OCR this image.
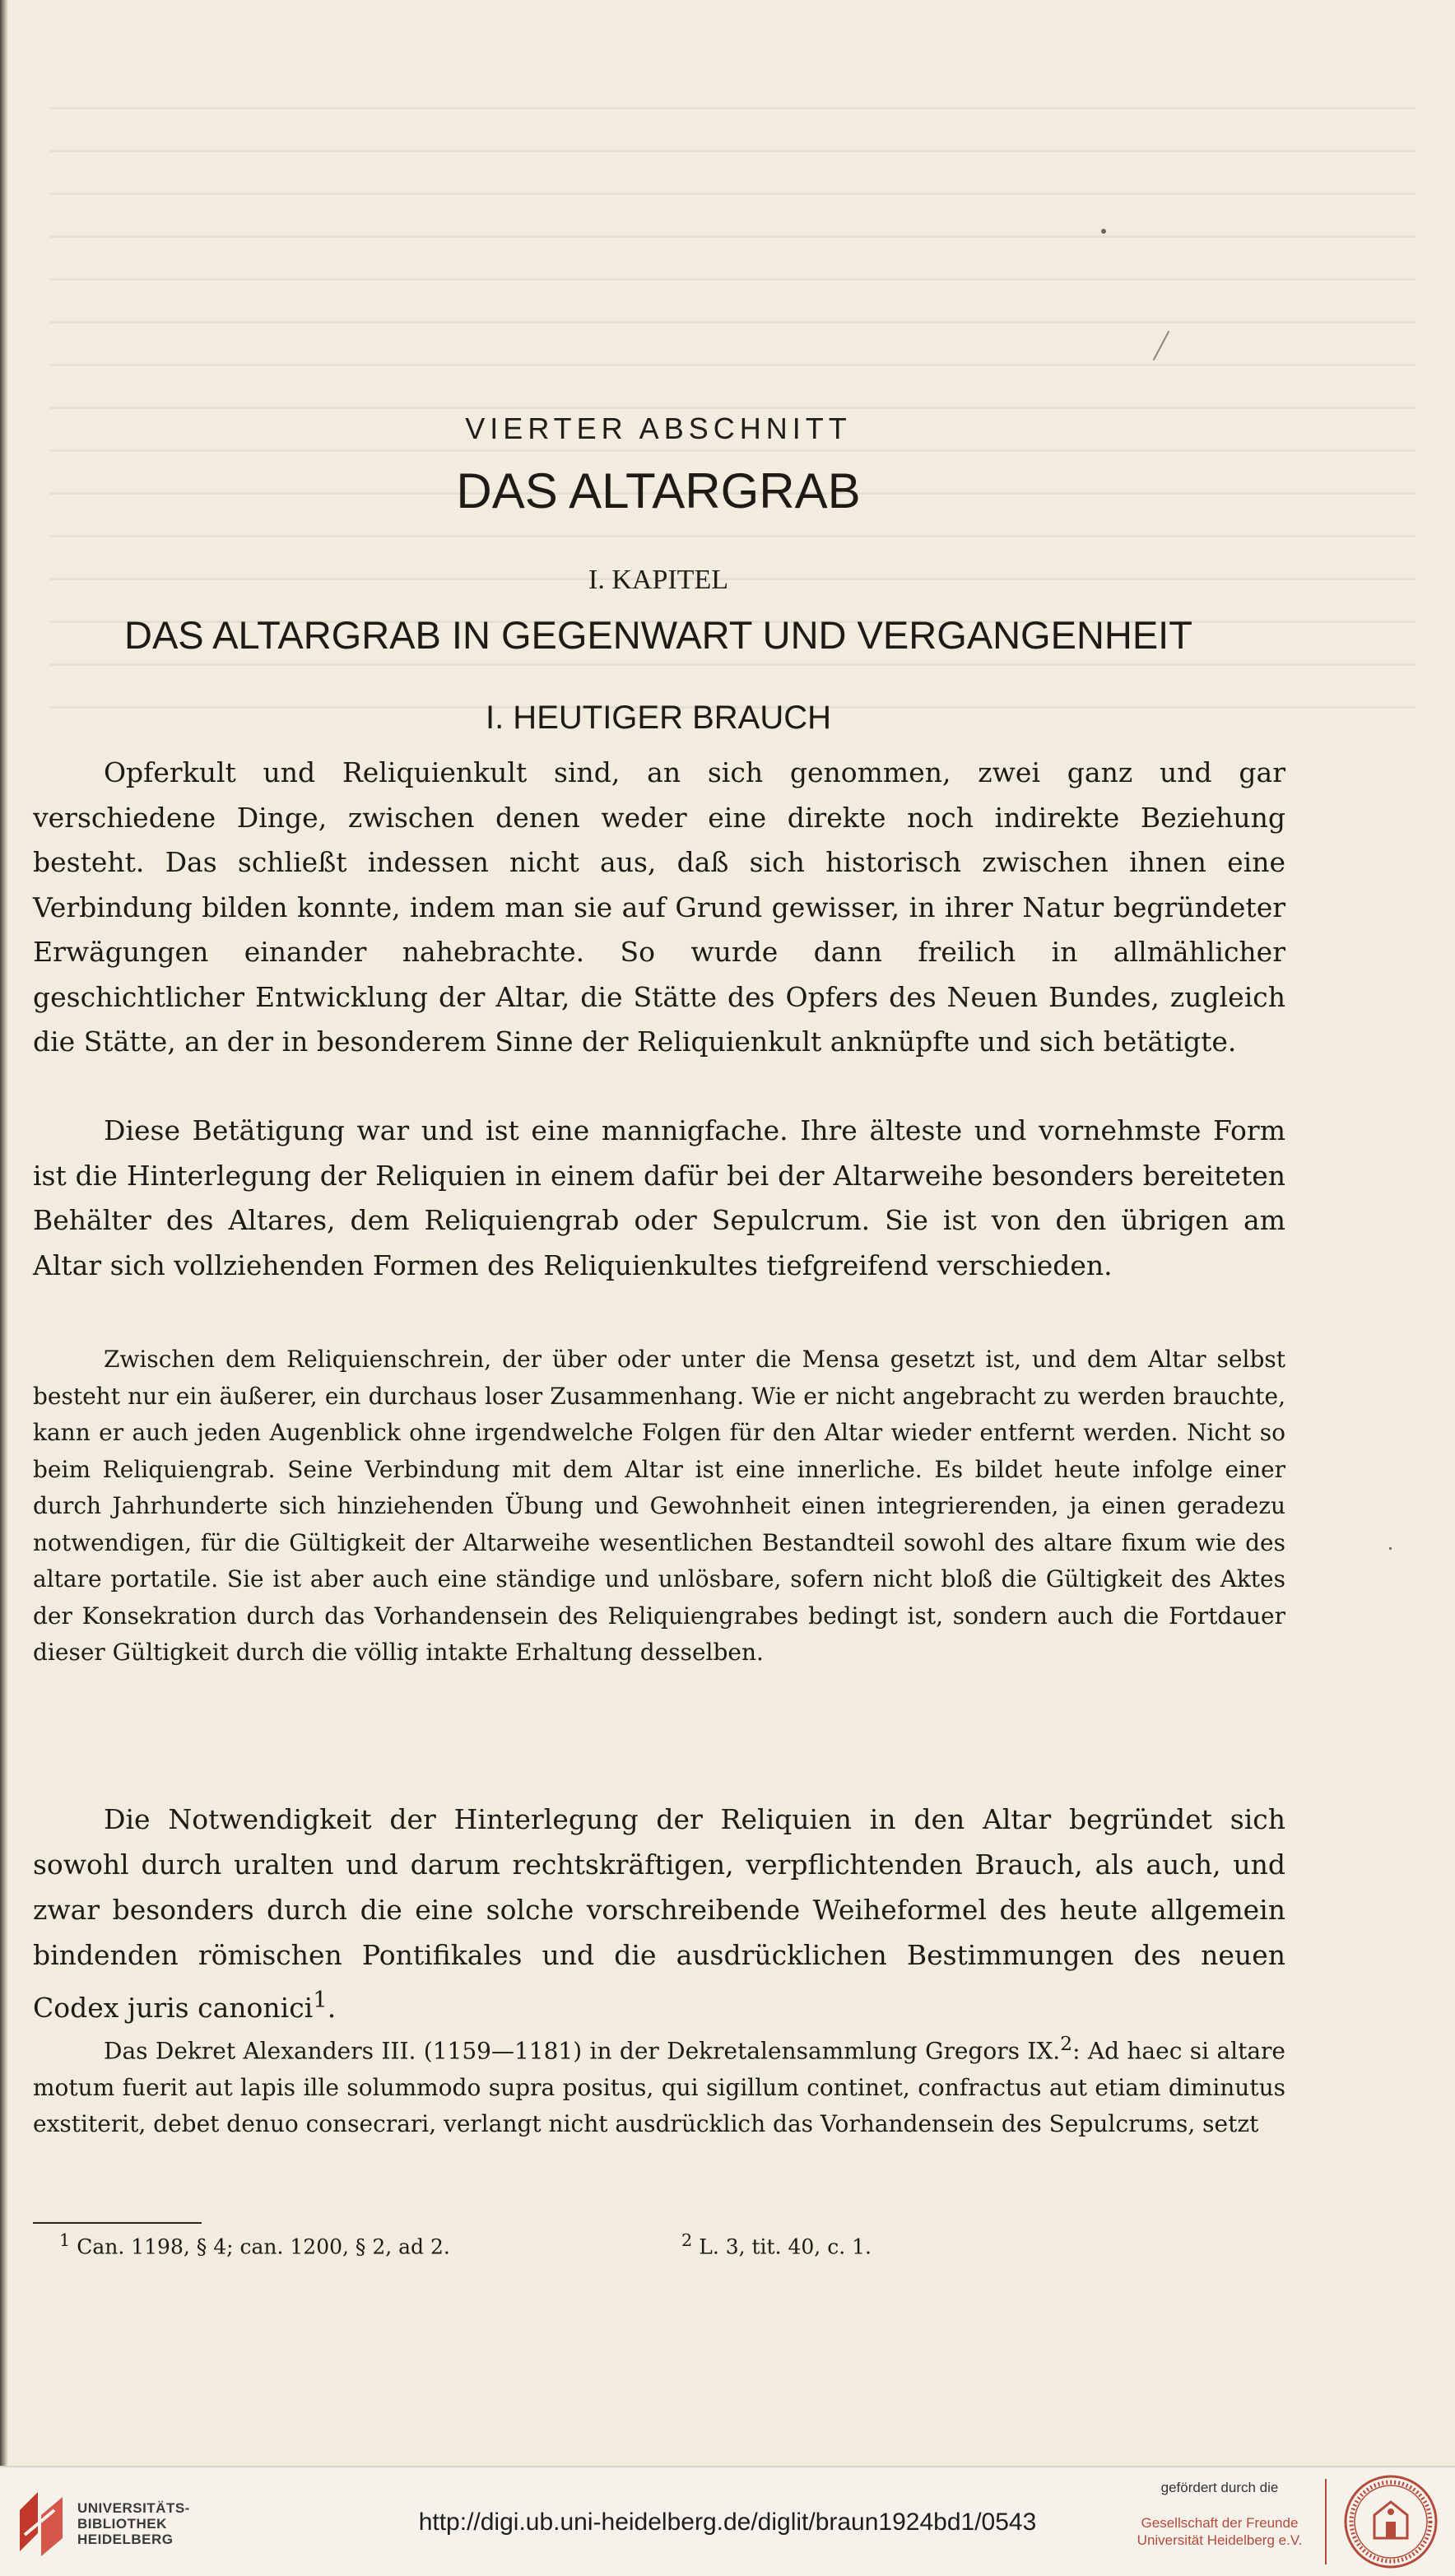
VIERTER ABSCHNITT
DAS ALTARGRAB
I. KAPITEL
DAS ALTARGRAB IN GEGENWART UND VERGANGENHEIT
I. HEUTIGER BRAUCH

Opferkult und Reliquienkult sind, an sich genommen, zwei ganz und gar verschiedene Dinge, zwischen denen weder eine direkte noch indirekte Beziehung besteht. Das schließt indessen nicht aus, daß sich historisch zwischen ihnen eine Verbindung bilden konnte, indem man sie auf Grund gewisser, in ihrer Natur begründeter Erwägungen einander nahebrachte. So wurde dann freilich in allmählicher geschichtlicher Entwicklung der Altar, die Stätte des Opfers des Neuen Bundes, zugleich die Stätte, an der in besonderem Sinne der Reliquienkult anknüpfte und sich betätigte.

Diese Betätigung war und ist eine mannigfache. Ihre älteste und vornehmste Form ist die Hinterlegung der Reliquien in einem dafür bei der Altarweihe besonders bereiteten Behälter des Altares, dem Reliquiengrab oder Sepulcrum. Sie ist von den übrigen am Altar sich vollziehenden Formen des Reliquienkultes tiefgreifend verschieden.

Zwischen dem Reliquienschrein, der über oder unter die Mensa gesetzt ist, und dem Altar selbst besteht nur ein äußerer, ein durchaus loser Zusammenhang. Wie er nicht angebracht zu werden brauchte, kann er auch jeden Augenblick ohne irgendwelche Folgen für den Altar wieder entfernt werden. Nicht so beim Reliquiengrab. Seine Verbindung mit dem Altar ist eine innerliche. Es bildet heute infolge einer durch Jahrhunderte sich hinziehenden Übung und Gewohnheit einen integrierenden, ja einen geradezu notwendigen, für die Gültigkeit der Altarweihe wesentlichen Bestandteil sowohl des altare fixum wie des altare portatile. Sie ist aber auch eine ständige und unlösbare, sofern nicht bloß die Gültigkeit des Aktes der Konsekration durch das Vorhandensein des Reliquiengrabes bedingt ist, sondern auch die Fortdauer dieser Gültigkeit durch die völlig intakte Erhaltung desselben.

Die Notwendigkeit der Hinterlegung der Reliquien in den Altar begründet sich sowohl durch uralten und darum rechtskräftigen, verpflichtenden Brauch, als auch, und zwar besonders durch die eine solche vorschreibende Weiheformel des heute allgemein bindenden römischen Pontifikales und die ausdrücklichen Bestimmungen des neuen Codex juris canonici$^1$.

Das Dekret Alexanders III. (1159—1181) in der Dekretalensammlung Gregors IX.$^2$: Ad haec si altare motum fuerit aut lapis ille solummodo supra positus, qui sigillum continet, confractus aut etiam diminutus exstiterit, debet denuo consecrari, verlangt nicht ausdrücklich das Vorhandensein des Sepulcrums, setzt

$^1$ Can. 1198, § 4; can. 1200, § 2, ad 2.	$^2$ L. 3, tit. 40, c. 1.
UNIVERSITÄTS-
BIBLIOTHEK
HEIDELBERG
http://digi.ub.uni-heidelberg.de/diglit/braun1924bd1/0543
gefördert durch die
Gesellschaft der Freunde
Universität Heidelberg e.V.
